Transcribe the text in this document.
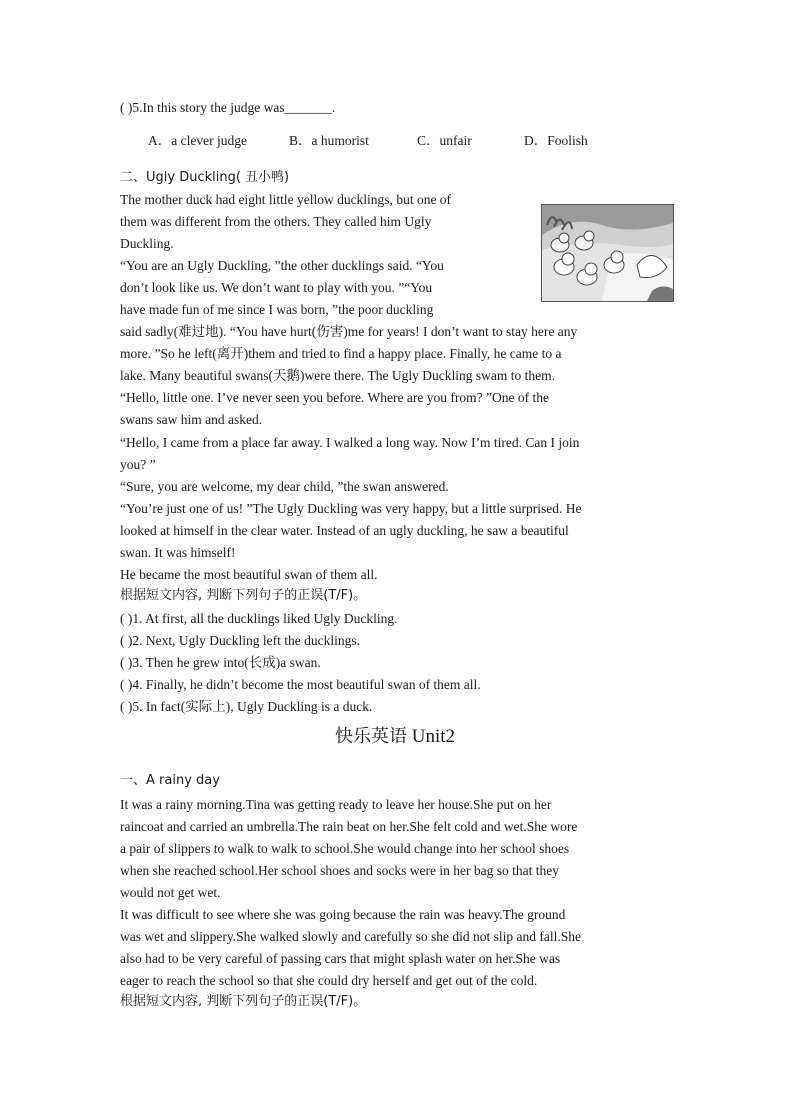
( )5.In this story the judge was_______.
A．a clever judge	B．a humorist	C．unfair	D．Foolish
二、Ugly Duckling( 丑小鸭)
The mother duck had eight little yellow ducklings, but one of
them was different from the others. They called him Ugly
Duckling.
“You are an Ugly Duckling, ”the other ducklings said. “You
don’t look like us. We don’t want to play with you. ”“You
have made fun of me since I was born, ”the poor duckling
said sadly(难过地). “You have hurt(伤害)me for years! I don’t want to stay here any
more. ”So he left(离开)them and tried to find a happy place. Finally, he came to a
lake. Many beautiful swans(天鹅)were there. The Ugly Duckling swam to them.
“Hello, little one. I’ve never seen you before. Where are you from? ”One of the
swans saw him and asked.
“Hello, I came from a place far away. I walked a long way. Now I’m tired. Can I join
you? ”
“Sure, you are welcome, my dear child, ”the swan answered.
“You’re just one of us! ”The Ugly Duckling was very happy, but a little surprised. He
looked at himself in the clear water. Instead of an ugly duckling, he saw a beautiful
swan. It was himself!
He became the most beautiful swan of them all.
根据短文内容, 判断下列句子的正误(T/F)。
( )1. At first, all the ducklings liked Ugly Duckling.
( )2. Next, Ugly Duckling left the ducklings.
( )3. Then he grew into(长成)a swan.
( )4. Finally, he didn’t become the most beautiful swan of them all.
( )5. In fact(实际上), Ugly Duckling is a duck.
快乐英语 Unit2
一、A rainy day
It was a rainy morning.Tina was getting ready to leave her house.She put on her
raincoat and carried an umbrella.The rain beat on her.She felt cold and wet.She wore
a pair of slippers to walk to walk to school.She would change into her school shoes
when she reached school.Her school shoes and socks were in her bag so that they
would not get wet.
It was difficult to see where she was going because the rain was heavy.The ground
was wet and slippery.She walked slowly and carefully so she did not slip and fall.She
also had to be very careful of passing cars that might splash water on her.She was
eager to reach the school so that she could dry herself and get out of the cold.
根据短文内容, 判断下列句子的正误(T/F)。
